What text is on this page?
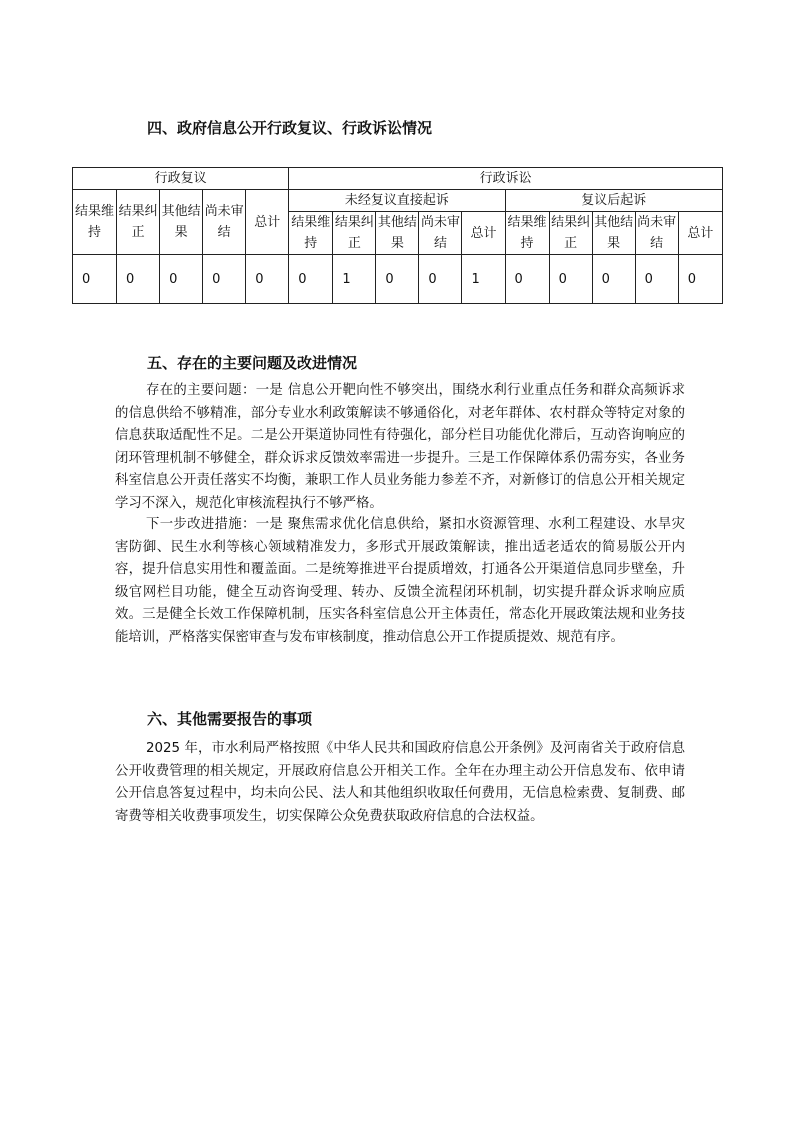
四、政府信息公开行政复议、行政诉讼情况
行政复议					行政诉讼									
结果维持	结果纠正	其他结果	尚未审结	总计	未经复议直接起诉					复议后起诉				
					结果维持	结果纠正	其他结果	尚未审结	总计	结果维持	结果纠正	其他结果	尚未审结	总计
0	0	0	0	0	0	1	0	0	1	0	0	0	0	0
五、存在的主要问题及改进情况

存在的主要问题：一是 信息公开靶向性不够突出，围绕水利行业重点任务和群众高频诉求的信息供给不够精准，部分专业水利政策解读不够通俗化，对老年群体、农村群众等特定对象的信息获取适配性不足。二是公开渠道协同性有待强化，部分栏目功能优化滞后，互动咨询响应的闭环管理机制不够健全，群众诉求反馈效率需进一步提升。三是工作保障体系仍需夯实，各业务科室信息公开责任落实不均衡，兼职工作人员业务能力参差不齐，对新修订的信息公开相关规定学习不深入，规范化审核流程执行不够严格。

下一步改进措施：一是 聚焦需求优化信息供给，紧扣水资源管理、水利工程建设、水旱灾害防御、民生水利等核心领域精准发力，多形式开展政策解读，推出适老适农的简易版公开内容，提升信息实用性和覆盖面。二是统筹推进平台提质增效，打通各公开渠道信息同步壁垒，升级官网栏目功能，健全互动咨询受理、转办、反馈全流程闭环机制，切实提升群众诉求响应质效。三是健全长效工作保障机制，压实各科室信息公开主体责任，常态化开展政策法规和业务技能培训，严格落实保密审查与发布审核制度，推动信息公开工作提质提效、规范有序。

六、其他需要报告的事项

2025 年，市水利局严格按照《中华人民共和国政府信息公开条例》及河南省关于政府信息公开收费管理的相关规定，开展政府信息公开相关工作。全年在办理主动公开信息发布、依申请公开信息答复过程中，均未向公民、法人和其他组织收取任何费用，无信息检索费、复制费、邮寄费等相关收费事项发生，切实保障公众免费获取政府信息的合法权益。
